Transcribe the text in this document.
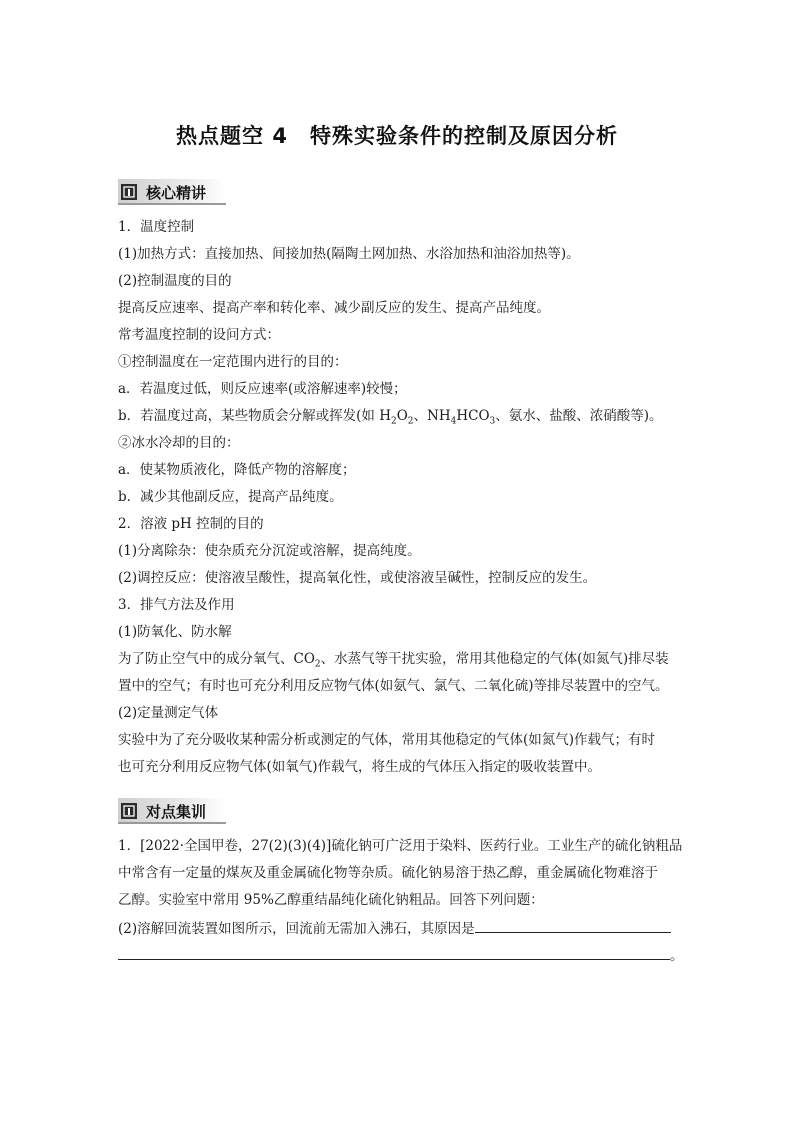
热点题空 4 特殊实验条件的控制及原因分析
核心精讲
1．温度控制
(1)加热方式：直接加热、间接加热(隔陶土网加热、水浴加热和油浴加热等)。
(2)控制温度的目的
提高反应速率、提高产率和转化率、减少副反应的发生、提高产品纯度。
常考温度控制的设问方式：
①控制温度在一定范围内进行的目的：
a．若温度过低，则反应速率(或溶解速率)较慢；
b．若温度过高，某些物质会分解或挥发(如 $H_2O_2$、$NH_4HCO_3$、氨水、盐酸、浓硝酸等)。
②冰水冷却的目的：
a．使某物质液化，降低产物的溶解度；
b．减少其他副反应，提高产品纯度。
2．溶液 pH 控制的目的
(1)分离除杂：使杂质充分沉淀或溶解，提高纯度。
(2)调控反应：使溶液呈酸性，提高氧化性，或使溶液呈碱性，控制反应的发生。
3．排气方法及作用
(1)防氧化、防水解
为了防止空气中的成分氧气、$CO_2$、水蒸气等干扰实验，常用其他稳定的气体(如氮气)排尽装
置中的空气；有时也可充分利用反应物气体(如氨气、氯气、二氧化硫)等排尽装置中的空气。
(2)定量测定气体
实验中为了充分吸收某种需分析或测定的气体，常用其他稳定的气体(如氮气)作载气；有时
也可充分利用反应物气体(如氧气)作载气，将生成的气体压入指定的吸收装置中。
对点集训
1．[2022·全国甲卷，27(2)(3)(4)]硫化钠可广泛用于染料、医药行业。工业生产的硫化钠粗品
中常含有一定量的煤灰及重金属硫化物等杂质。硫化钠易溶于热乙醇，重金属硫化物难溶于
乙醇。实验室中常用 95%乙醇重结晶纯化硫化钠粗品。回答下列问题：
(2)溶解回流装置如图所示，回流前无需加入沸石，其原因是
。
